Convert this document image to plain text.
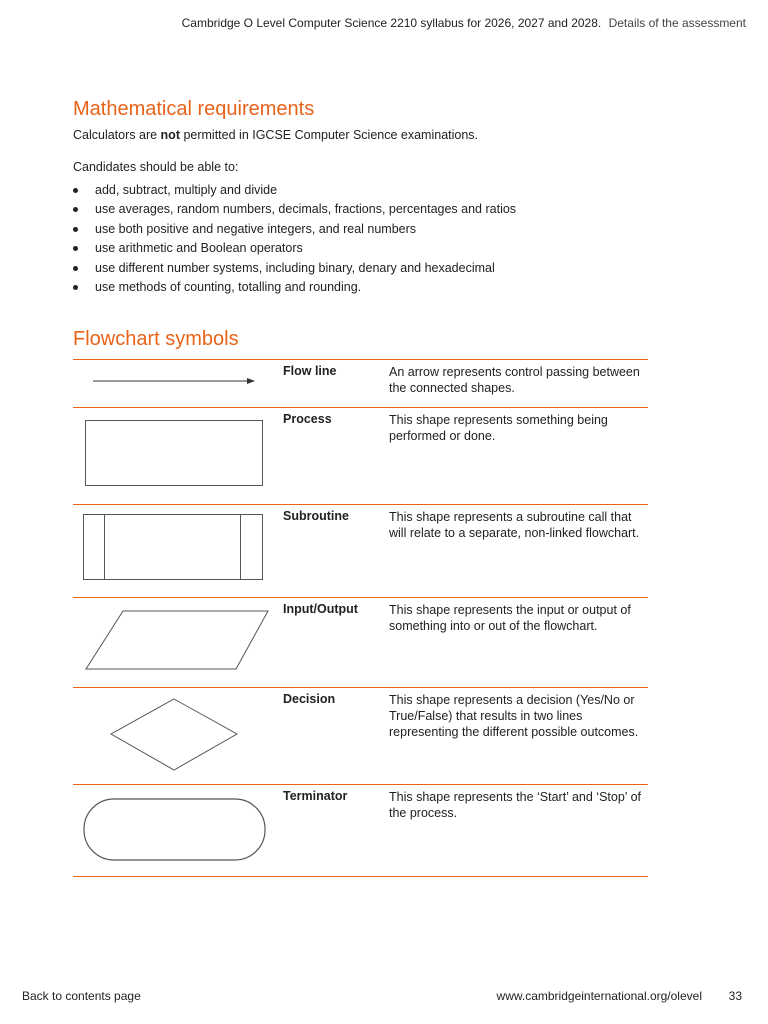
Cambridge O Level Computer Science 2210 syllabus for 2026, 2027 and 2028. Details of the assessment
Mathematical requirements

Calculators are not permitted in IGCSE Computer Science examinations.

Candidates should be able to:

add, subtract, multiply and divide
use averages, random numbers, decimals, fractions, percentages and ratios
use both positive and negative integers, and real numbers
use arithmetic and Boolean operators
use different number systems, including binary, denary and hexadecimal
use methods of counting, totalling and rounding.
Flowchart symbols
Flow line	An arrow represents control passing between the connected shapes.
Process	This shape represents something being performed or done.
Subroutine	This shape represents a subroutine call that will relate to a separate, non-linked flowchart.
Input/Output This shape represents the input or output of something into or out of the flowchart.
Decision	This shape represents a decision (Yes/No or True/False) that results in two lines representing the different possible outcomes.
Terminator	This shape represents the ‘Start’ and ‘Stop’ of the process.
Back to contents page	www.cambridgeinternational.org/olevel 33
